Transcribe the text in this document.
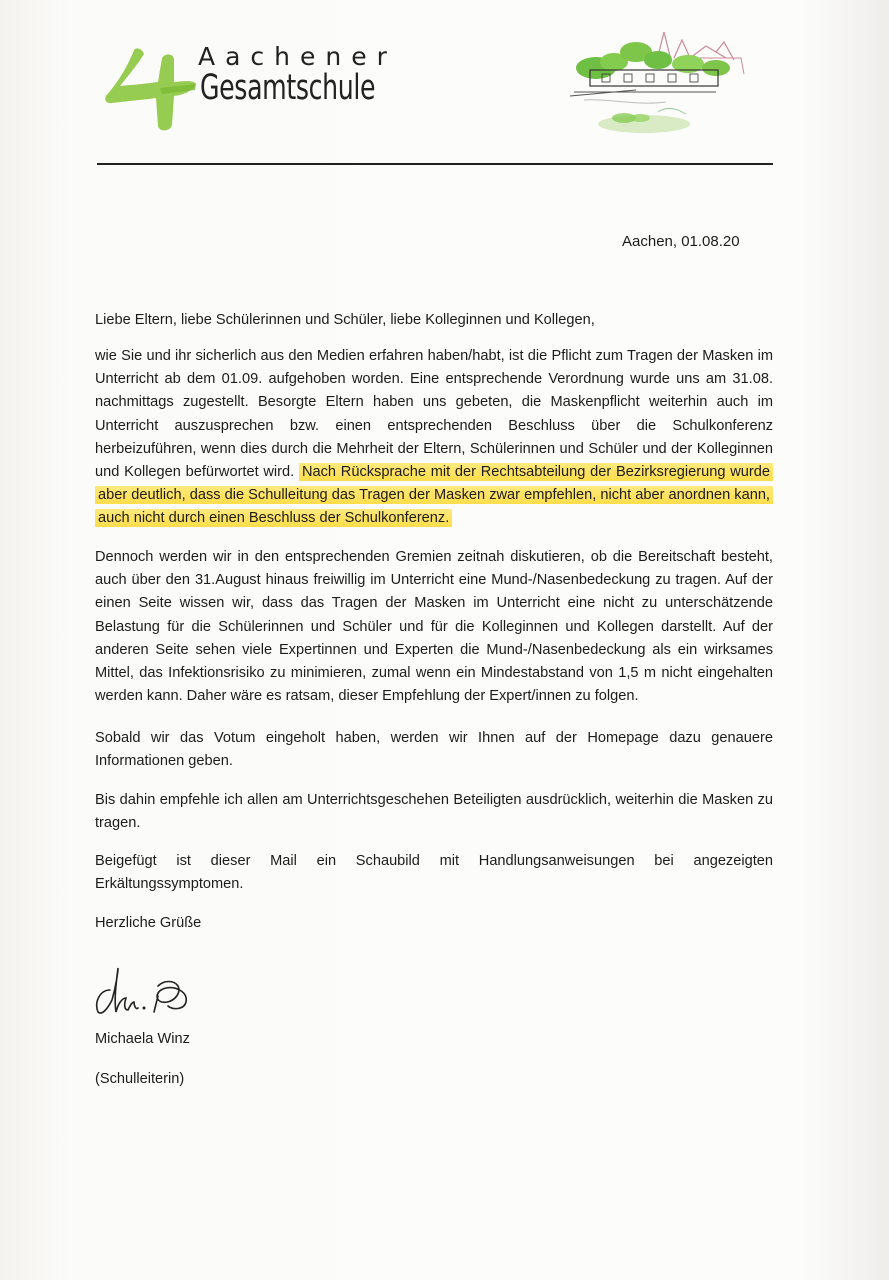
Aachener
Gesamtschule
Aachen, 01.08.20
Liebe Eltern, liebe Schülerinnen und Schüler, liebe Kolleginnen und Kollegen,
wie Sie und ihr sicherlich aus den Medien erfahren haben/habt, ist die Pflicht zum Tragen der Masken im Unterricht ab dem 01.09. aufgehoben worden. Eine entsprechende Verordnung wurde uns am 31.08. nachmittags zugestellt. Besorgte Eltern haben uns gebeten, die Maskenpflicht weiterhin auch im Unterricht auszusprechen bzw. einen entsprechenden Beschluss über die Schulkonferenz herbeizuführen, wenn dies durch die Mehrheit der Eltern, Schülerinnen und Schüler und der Kolleginnen und Kollegen befürwortet wird. Nach Rücksprache mit der Rechtsabteilung der Bezirksregierung wurde aber deutlich, dass die Schulleitung das Tragen der Masken zwar empfehlen, nicht aber anordnen kann, auch nicht durch einen Beschluss der Schulkonferenz.
Dennoch werden wir in den entsprechenden Gremien zeitnah diskutieren, ob die Bereitschaft besteht, auch über den 31.August hinaus freiwillig im Unterricht eine Mund-/Nasenbedeckung zu tragen. Auf der einen Seite wissen wir, dass das Tragen der Masken im Unterricht eine nicht zu unterschätzende Belastung für die Schülerinnen und Schüler und für die Kolleginnen und Kollegen darstellt. Auf der anderen Seite sehen viele Expertinnen und Experten die Mund-/Nasenbedeckung als ein wirksames Mittel, das Infektionsrisiko zu minimieren, zumal wenn ein Mindestabstand von 1,5 m nicht eingehalten werden kann. Daher wäre es ratsam, dieser Empfehlung der Expert/innen zu folgen.
Sobald wir das Votum eingeholt haben, werden wir Ihnen auf der Homepage dazu genauere Informationen geben.
Bis dahin empfehle ich allen am Unterrichtsgeschehen Beteiligten ausdrücklich, weiterhin die Masken zu tragen.
Beigefügt ist dieser Mail ein Schaubild mit Handlungsanweisungen bei angezeigten Erkältungssymptomen.
Herzliche Grüße
Michaela Winz
(Schulleiterin)
